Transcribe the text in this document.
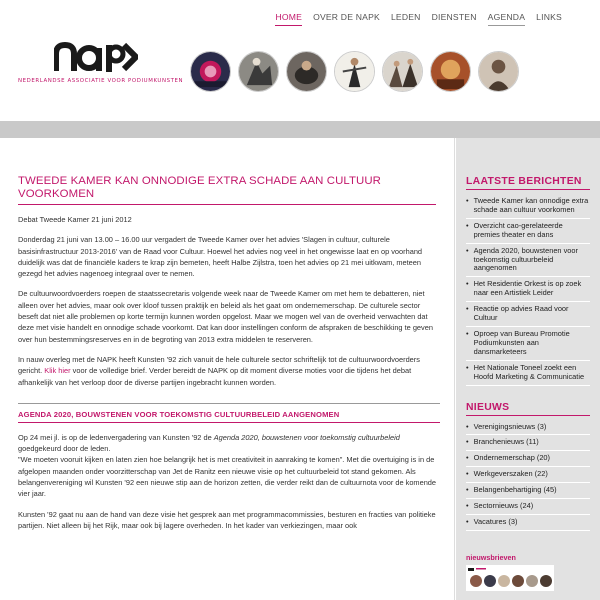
HOME OVER DE NAPK LEDEN DIENSTEN AGENDA LINKS
NEDERLANDSE ASSOCIATIE VOOR PODIUMKUNSTEN
TWEEDE KAMER KAN ONNODIGE EXTRA SCHADE AAN CULTUUR VOORKOMEN

Debat Tweede Kamer 21 juni 2012

Donderdag 21 juni van 13.00 – 16.00 uur vergadert de Tweede Kamer over het advies 'Slagen in cultuur, culturele basisinfrastructuur 2013-2016' van de Raad voor Cultuur. Hoewel het advies nog veel in het ongewisse laat en op voorhand duidelijk was dat de financiële kaders te krap zijn bemeten, heeft Halbe Zijlstra, toen het advies op 21 mei uitkwam, meteen gezegd het advies nagenoeg integraal over te nemen.

De cultuurwoordvoerders roepen de staatssecretaris volgende week naar de Tweede Kamer om met hem te debatteren, niet alleen over het advies, maar ook over kloof tussen praktijk en beleid als het gaat om ondernemerschap. De culturele sector beseft dat niet alle problemen op korte termijn kunnen worden opgelost. Maar we mogen wel van de overheid verwachten dat deze met visie handelt en onnodige schade voorkomt. Dat kan door instellingen conform de afspraken de beschikking te geven over hun bestemmingsreserves en in de begroting van 2013 extra middelen te reserveren.

In nauw overleg met de NAPK heeft Kunsten '92 zich vanuit de hele culturele sector schriftelijk tot de cultuurwoordvoerders gericht. Klik hier voor de volledige brief. Verder bereidt de NAPK op dit moment diverse moties voor die tijdens het debat afhankelijk van het verloop door de diverse partijen ingebracht kunnen worden.

AGENDA 2020, BOUWSTENEN VOOR TOEKOMSTIG CULTUURBELEID AANGENOMEN

Op 24 mei jl. is op de ledenvergadering van Kunsten '92 de Agenda 2020, bouwstenen voor toekomstig cultuurbeleid goedgekeurd door de leden.

"We moeten vooruit kijken en laten zien hoe belangrijk het is met creativiteit in aanraking te komen". Met die overtuiging is in de afgelopen maanden onder voorzitterschap van Jet de Ranitz een nieuwe visie op het cultuurbeleid tot stand gekomen. Als belangenvereniging wil Kunsten '92 een nieuwe stip aan de horizon zetten, die verder reikt dan de cultuurnota voor de komende vier jaar.

Kunsten '92 gaat nu aan de hand van deze visie het gesprek aan met programmacommissies, besturen en fracties van politieke partijen. Niet alleen bij het Rijk, maar ook bij lagere overheden. In het kader van verkiezingen, maar ook

LAATSTE BERICHTEN
• Tweede Kamer kan onnodige extra schade aan cultuur voorkomen
• Overzicht cao-gerelateerde premies theater en dans
• Agenda 2020, bouwstenen voor toekomstig cultuurbeleid aangenomen
• Het Residentie Orkest is op zoek naar een Artistiek Leider
• Reactie op advies Raad voor Cultuur
• Oproep van Bureau Promotie Podiumkunsten aan dansmarketeers
• Het Nationale Toneel zoekt een Hoofd Marketing & Communicatie
NIEUWS
• Verenigingsnieuws (3)
• Branchenieuws (11)
• Ondernemerschap (20)
• Werkgeverszaken (22)
• Belangenbehartiging (45)
• Sectornieuws (24)
• Vacatures (3)
nieuwsbrieven
